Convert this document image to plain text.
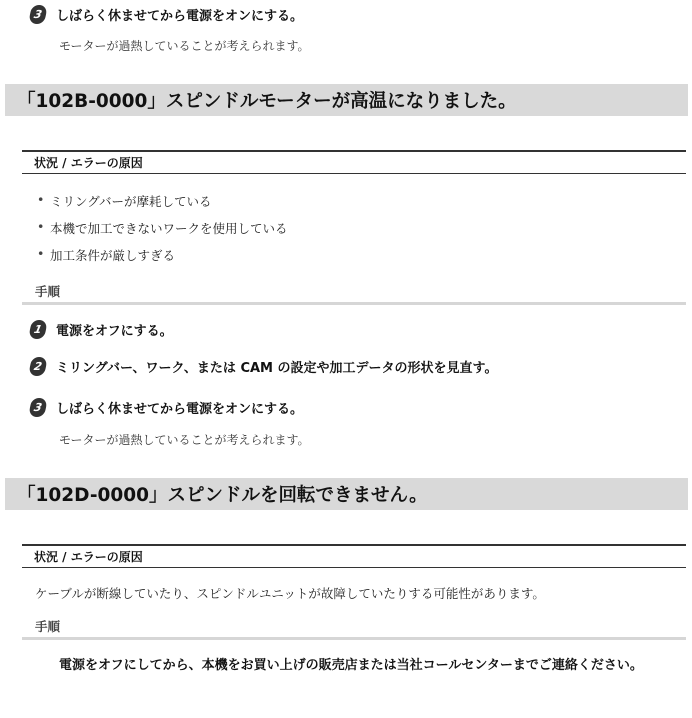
3 しばらく休ませてから電源をオンにする。
モーターが過熱していることが考えられます。
「102B-0000」スピンドルモーターが高温になりました。
状況 / エラーの原因
• ミリングバーが摩耗している
• 本機で加工できないワークを使用している
• 加工条件が厳しすぎる
手順
1 電源をオフにする。
2 ミリングバー、ワーク、または CAM の設定や加工データの形状を見直す。
3 しばらく休ませてから電源をオンにする。
モーターが過熱していることが考えられます。
「102D-0000」スピンドルを回転できません。
状況 / エラーの原因
ケーブルが断線していたり、スピンドルユニットが故障していたりする可能性があります。
手順
電源をオフにしてから、本機をお買い上げの販売店または当社コールセンターまでご連絡ください。
